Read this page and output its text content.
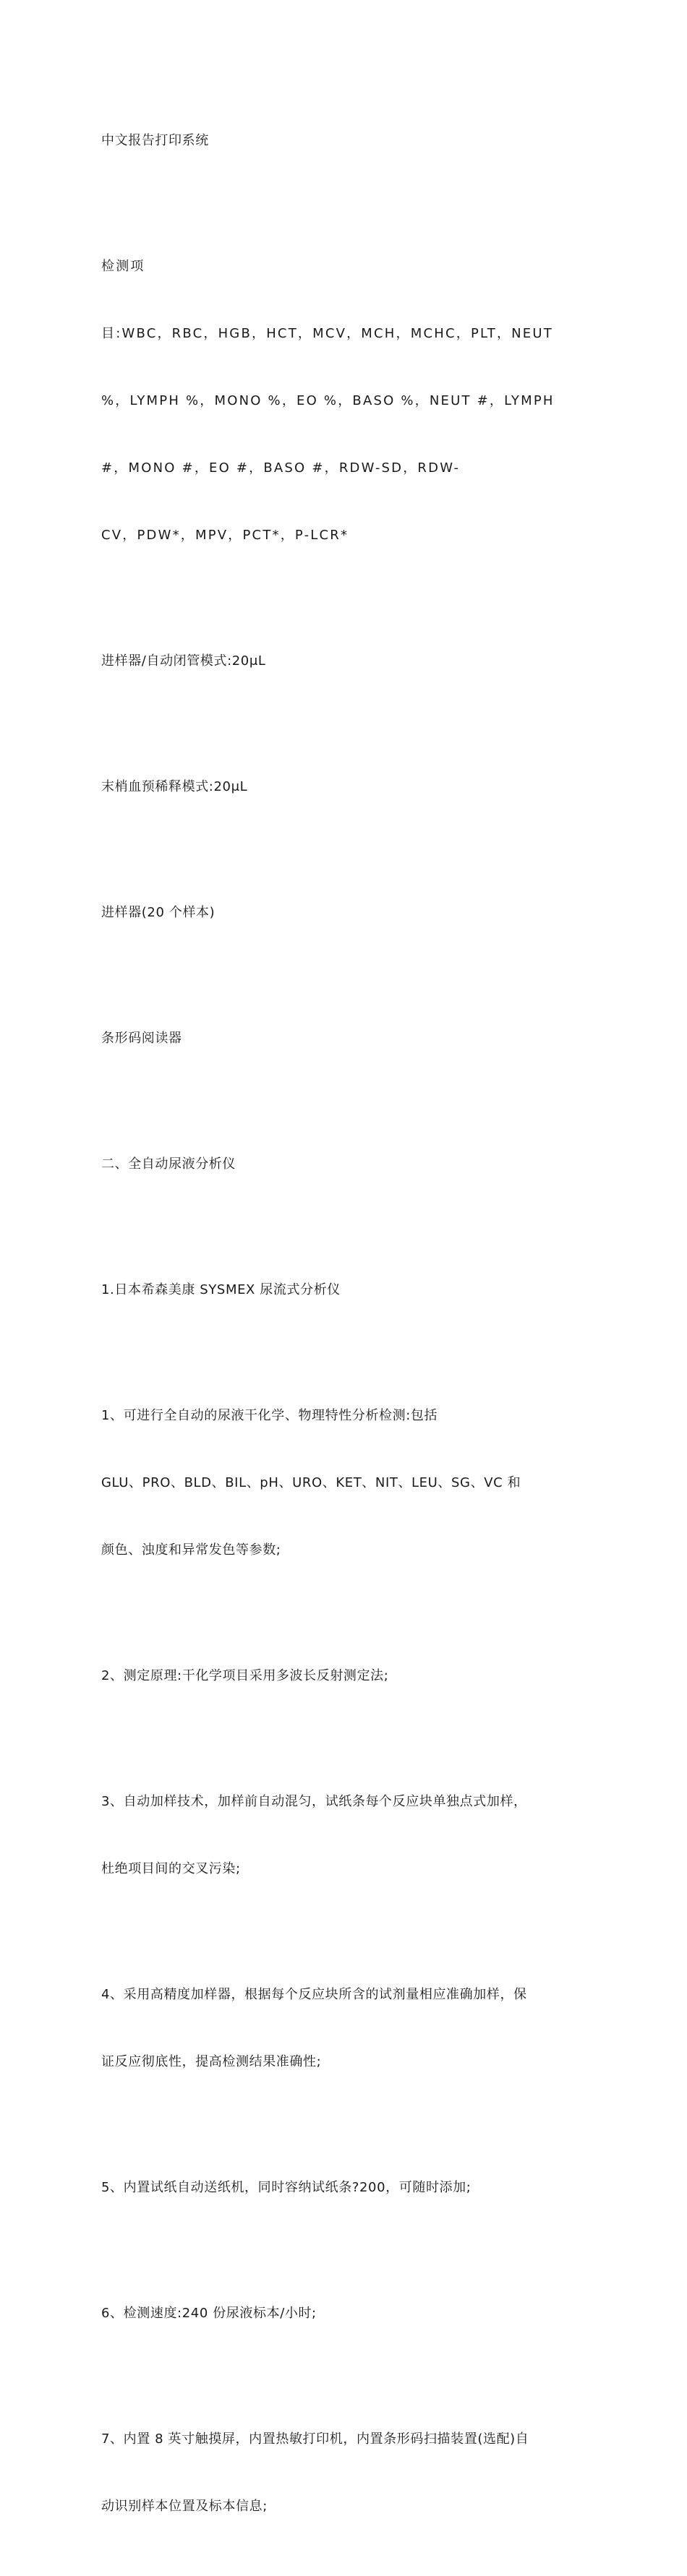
中文报告打印系统

检测项

目:WBC，RBC，HGB，HCT，MCV，MCH，MCHC，PLT，NEUT

%，LYMPH %，MONO %，EO %，BASO %，NEUT #，LYMPH

#，MONO #，EO #，BASO #，RDW-SD，RDW-

CV，PDW*，MPV，PCT*，P-LCR*

进样器/自动闭管模式:20μL

末梢血预稀释模式:20μL

进样器(20 个样本)

条形码阅读器

二、全自动尿液分析仪

1.日本希森美康 SYSMEX 尿流式分析仪

1、可进行全自动的尿液干化学、物理特性分析检测:包括

GLU、PRO、BLD、BIL、pH、URO、KET、NIT、LEU、SG、VC 和

颜色、浊度和异常发色等参数;

2、测定原理:干化学项目采用多波长反射测定法;

3、自动加样技术，加样前自动混匀，试纸条每个反应块单独点式加样，

杜绝项目间的交叉污染;

4、采用高精度加样器，根据每个反应块所含的试剂量相应准确加样，保

证反应彻底性，提高检测结果准确性;

5、内置试纸自动送纸机，同时容纳试纸条?200，可随时添加;

6、检测速度:240 份尿液标本/小时;

7、内置 8 英寸触摸屏，内置热敏打印机，内置条形码扫描装置(选配)自

动识别样本位置及标本信息;
